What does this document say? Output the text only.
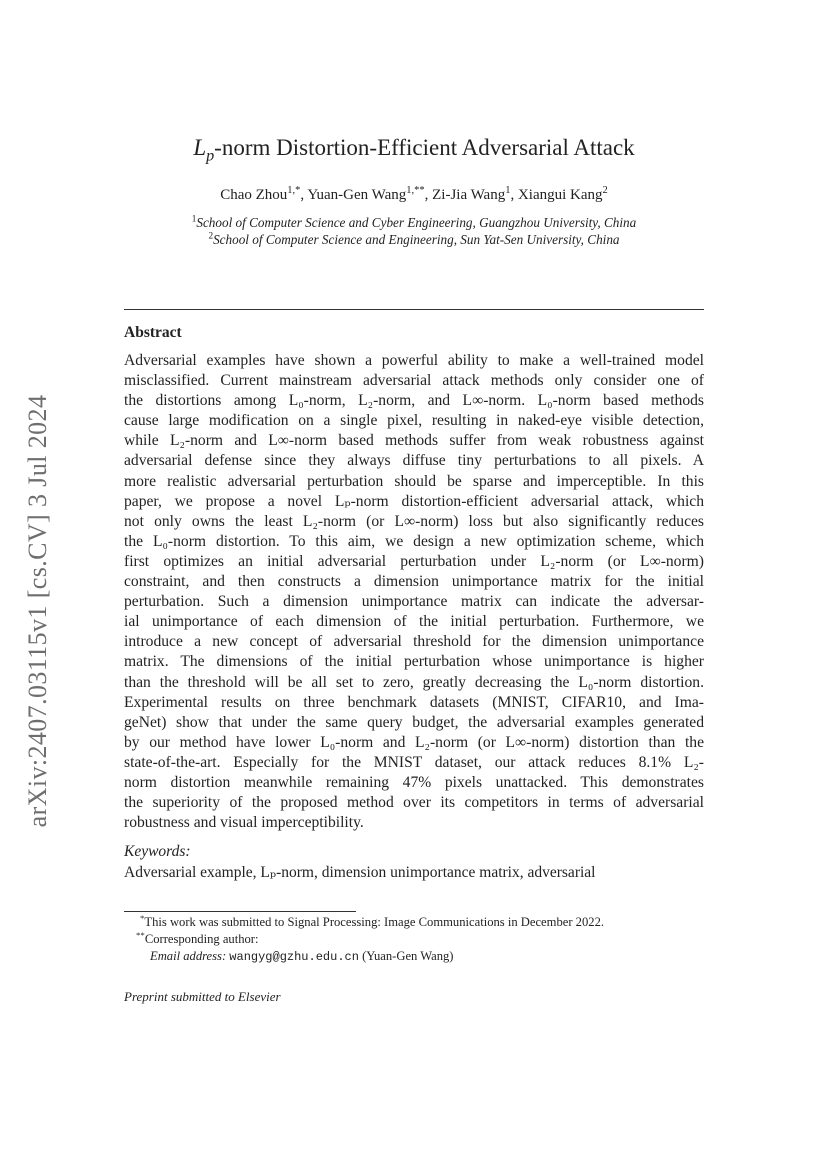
arXiv:2407.03115v1 [cs.CV] 3 Jul 2024
$L_p$-norm Distortion-Efficient Adversarial Attack
Chao Zhou$^{1,*}$, Yuan-Gen Wang$^{1,**}$, Zi-Jia Wang$^1$, Xiangui Kang$^2$
$^1$School of Computer Science and Cyber Engineering, Guangzhou University, China
$^2$School of Computer Science and Engineering, Sun Yat-Sen University, China
Abstract
Adversarial examples have shown a powerful ability to make a well-trained model
misclassified. Current mainstream adversarial attack methods only consider one of
the distortions among L₀-norm, L₂-norm, and L∞-norm. L₀-norm based methods
cause large modification on a single pixel, resulting in naked-eye visible detection,
while L₂-norm and L∞-norm based methods suffer from weak robustness against
adversarial defense since they always diffuse tiny perturbations to all pixels. A
more realistic adversarial perturbation should be sparse and imperceptible. In this
paper, we propose a novel Lₚ-norm distortion-efficient adversarial attack, which
not only owns the least L₂-norm (or L∞-norm) loss but also significantly reduces
the L₀-norm distortion. To this aim, we design a new optimization scheme, which
first optimizes an initial adversarial perturbation under L₂-norm (or L∞-norm)
constraint, and then constructs a dimension unimportance matrix for the initial
perturbation. Such a dimension unimportance matrix can indicate the adversar-
ial unimportance of each dimension of the initial perturbation. Furthermore, we
introduce a new concept of adversarial threshold for the dimension unimportance
matrix. The dimensions of the initial perturbation whose unimportance is higher
than the threshold will be all set to zero, greatly decreasing the L₀-norm distortion.
Experimental results on three benchmark datasets (MNIST, CIFAR10, and Ima-
geNet) show that under the same query budget, the adversarial examples generated
by our method have lower L₀-norm and L₂-norm (or L∞-norm) distortion than the
state-of-the-art. Especially for the MNIST dataset, our attack reduces 8.1% L₂-
norm distortion meanwhile remaining 47% pixels unattacked. This demonstrates
the superiority of the proposed method over its competitors in terms of adversarial
robustness and visual imperceptibility.
Keywords:
Adversarial example, Lₚ-norm, dimension unimportance matrix, adversarial
*This work was submitted to Signal Processing: Image Communications in December 2022.
**Corresponding author:
Email address: wangyg@gzhu.edu.cn (Yuan-Gen Wang)
Preprint submitted to Elsevier
